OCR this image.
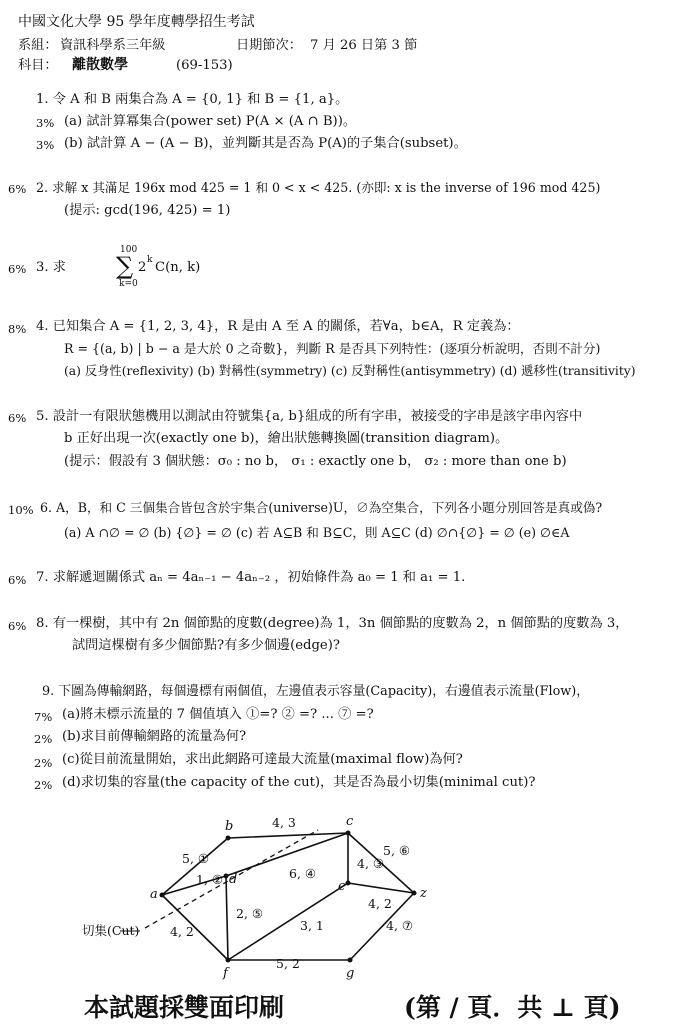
中國文化大學 95 學年度轉學招生考試
系組： 資訊科學系三年級	日期節次： 7 月 26 日第 3 節
科目： 離散數學	(69-153)
1. 令 A 和 B 兩集合為 A = {0, 1} 和 B = {1, a}。
3% (a) 試計算冪集合(power set) P(A × (A ∩ B))。
3% (b) 試計算 A − (A − B)，並判斷其是否為 P(A)的子集合(subset)。
6% 2. 求解 x 其滿足 196x mod 425 = 1 和 0 < x < 425. (亦即: x is the inverse of 196 mod 425)
(提示: gcd(196, 425) = 1)
6% 3. 求
100
∑
k=0
2 k C(n, k)
8% 4. 已知集合 A = {1, 2, 3, 4}，R 是由 A 至 A 的關係，若∀a，b∈A，R 定義為：
R = {(a, b) | b − a 是大於 0 之奇數}，判斷 R 是否具下列特性：(逐項分析說明，否則不計分)
(a) 反身性(reflexivity) (b) 對稱性(symmetry) (c) 反對稱性(antisymmetry) (d) 遞移性(transitivity)
6% 5. 設計一有限狀態機用以測試由符號集{a, b}組成的所有字串，被接受的字串是該字串內容中
b 正好出現一次(exactly one b)，繪出狀態轉換圖(transition diagram)。
(提示：假設有 3 個狀態：σ₀ : no b， σ₁ : exactly one b， σ₂ : more than one b)
10% 6. A，B，和 C 三個集合皆包含於宇集合(universe)U，∅為空集合，下列各小題分別回答是真或偽?
(a) A ∩∅ = ∅ (b) {∅} = ∅ (c) 若 A⊆B 和 B⊆C，則 A⊆C (d) ∅∩{∅} = ∅ (e) ∅∈A
6% 7. 求解遞迴關係式 aₙ = 4aₙ₋₁ − 4aₙ₋₂ ，初始條件為 a₀ = 1 和 a₁ = 1.
6% 8. 有一棵樹，其中有 2n 個節點的度數(degree)為 1，3n 個節點的度數為 2，n 個節點的度數為 3，
試問這棵樹有多少個節點?有多少個邊(edge)?
9. 下圖為傳輸網路，每個邊標有兩個值，左邊值表示容量(Capacity)，右邊值表示流量(Flow)，
7% (a)將未標示流量的 7 個值填入 ①=? ② =? ... ⑦ =?
2% (b)求目前傳輸網路的流量為何?
2% (c)從目前流量開始，求出此網路可達最大流量(maximal flow)為何?
2% (d)求切集的容量(the capacity of the cut)，其是否為最小切集(minimal cut)?
a
b	c
d	e
f	g
z
4, 3
5, ①
1, ②	6, ④
4, ③
5, ⑥
4, 2
2, ⑤
3, 1
4, 2
5, 2
4, ⑦
切集(Cut)
本試題採雙面印刷	(第 / 頁．共 ⊥ 頁)
